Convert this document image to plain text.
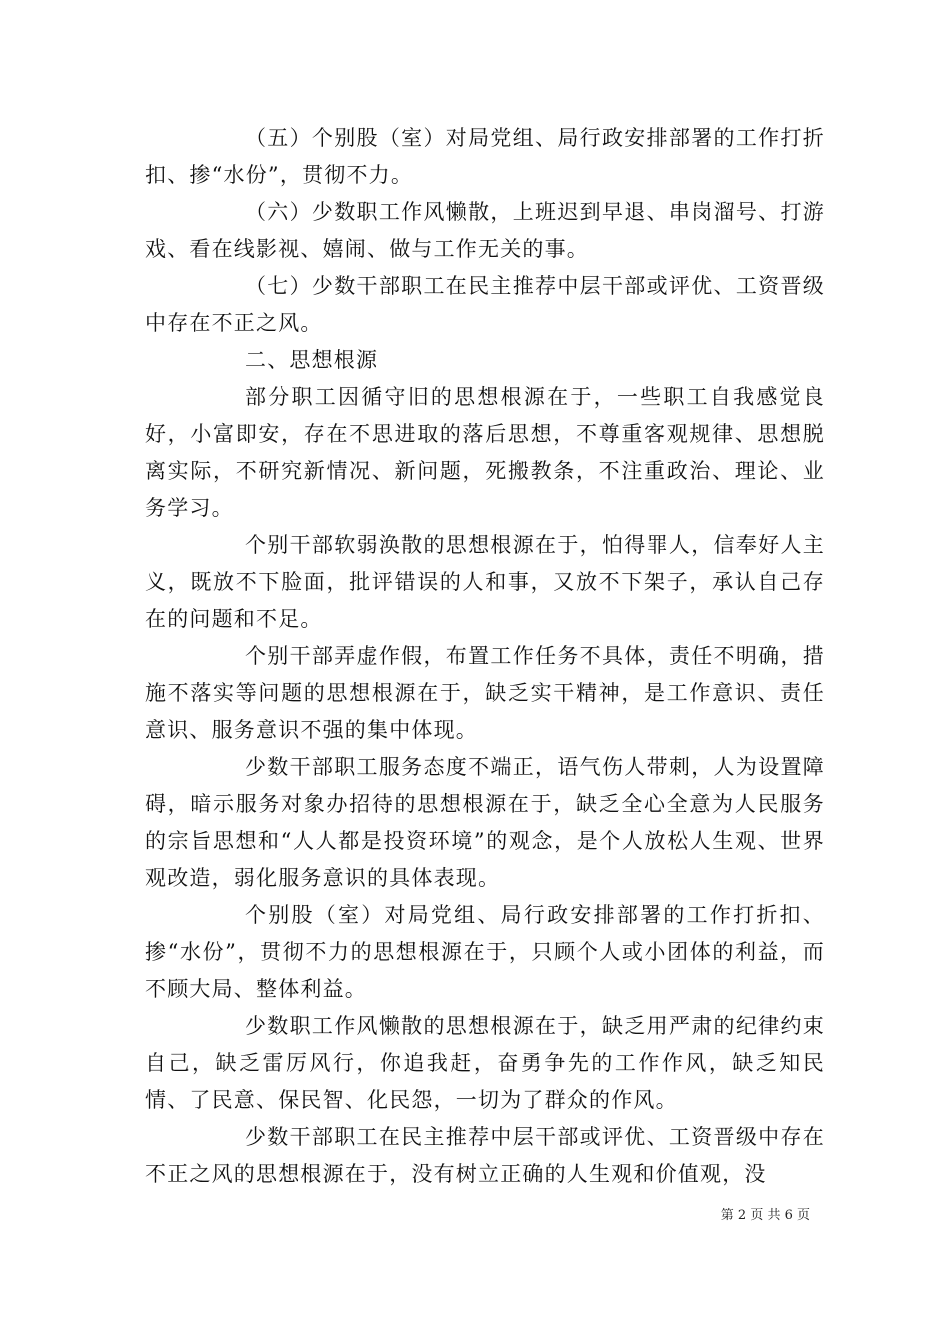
（五）个别股（室）对局党组、局行政安排部署的工作打折扣、掺“水份”，贯彻不力。

（六）少数职工作风懒散，上班迟到早退、串岗溜号、打游戏、看在线影视、嬉闹、做与工作无关的事。

（七）少数干部职工在民主推荐中层干部或评优、工资晋级中存在不正之风。

二、思想根源

部分职工因循守旧的思想根源在于，一些职工自我感觉良好，小富即安，存在不思进取的落后思想，不尊重客观规律、思想脱离实际，不研究新情况、新问题，死搬教条，不注重政治、理论、业务学习。

个别干部软弱涣散的思想根源在于，怕得罪人，信奉好人主义，既放不下脸面，批评错误的人和事，又放不下架子，承认自己存在的问题和不足。

个别干部弄虚作假，布置工作任务不具体，责任不明确，措施不落实等问题的思想根源在于，缺乏实干精神，是工作意识、责任意识、服务意识不强的集中体现。

少数干部职工服务态度不端正，语气伤人带刺，人为设置障碍，暗示服务对象办招待的思想根源在于，缺乏全心全意为人民服务的宗旨思想和“人人都是投资环境”的观念，是个人放松人生观、世界观改造，弱化服务意识的具体表现。

个别股（室）对局党组、局行政安排部署的工作打折扣、掺“水份”，贯彻不力的思想根源在于，只顾个人或小团体的利益，而不顾大局、整体利益。

少数职工作风懒散的思想根源在于，缺乏用严肃的纪律约束自己，缺乏雷厉风行，你追我赶，奋勇争先的工作作风，缺乏知民情、了民意、保民智、化民怨，一切为了群众的作风。

少数干部职工在民主推荐中层干部或评优、工资晋级中存在不正之风的思想根源在于，没有树立正确的人生观和价值观，没

第 2 页 共 6 页
